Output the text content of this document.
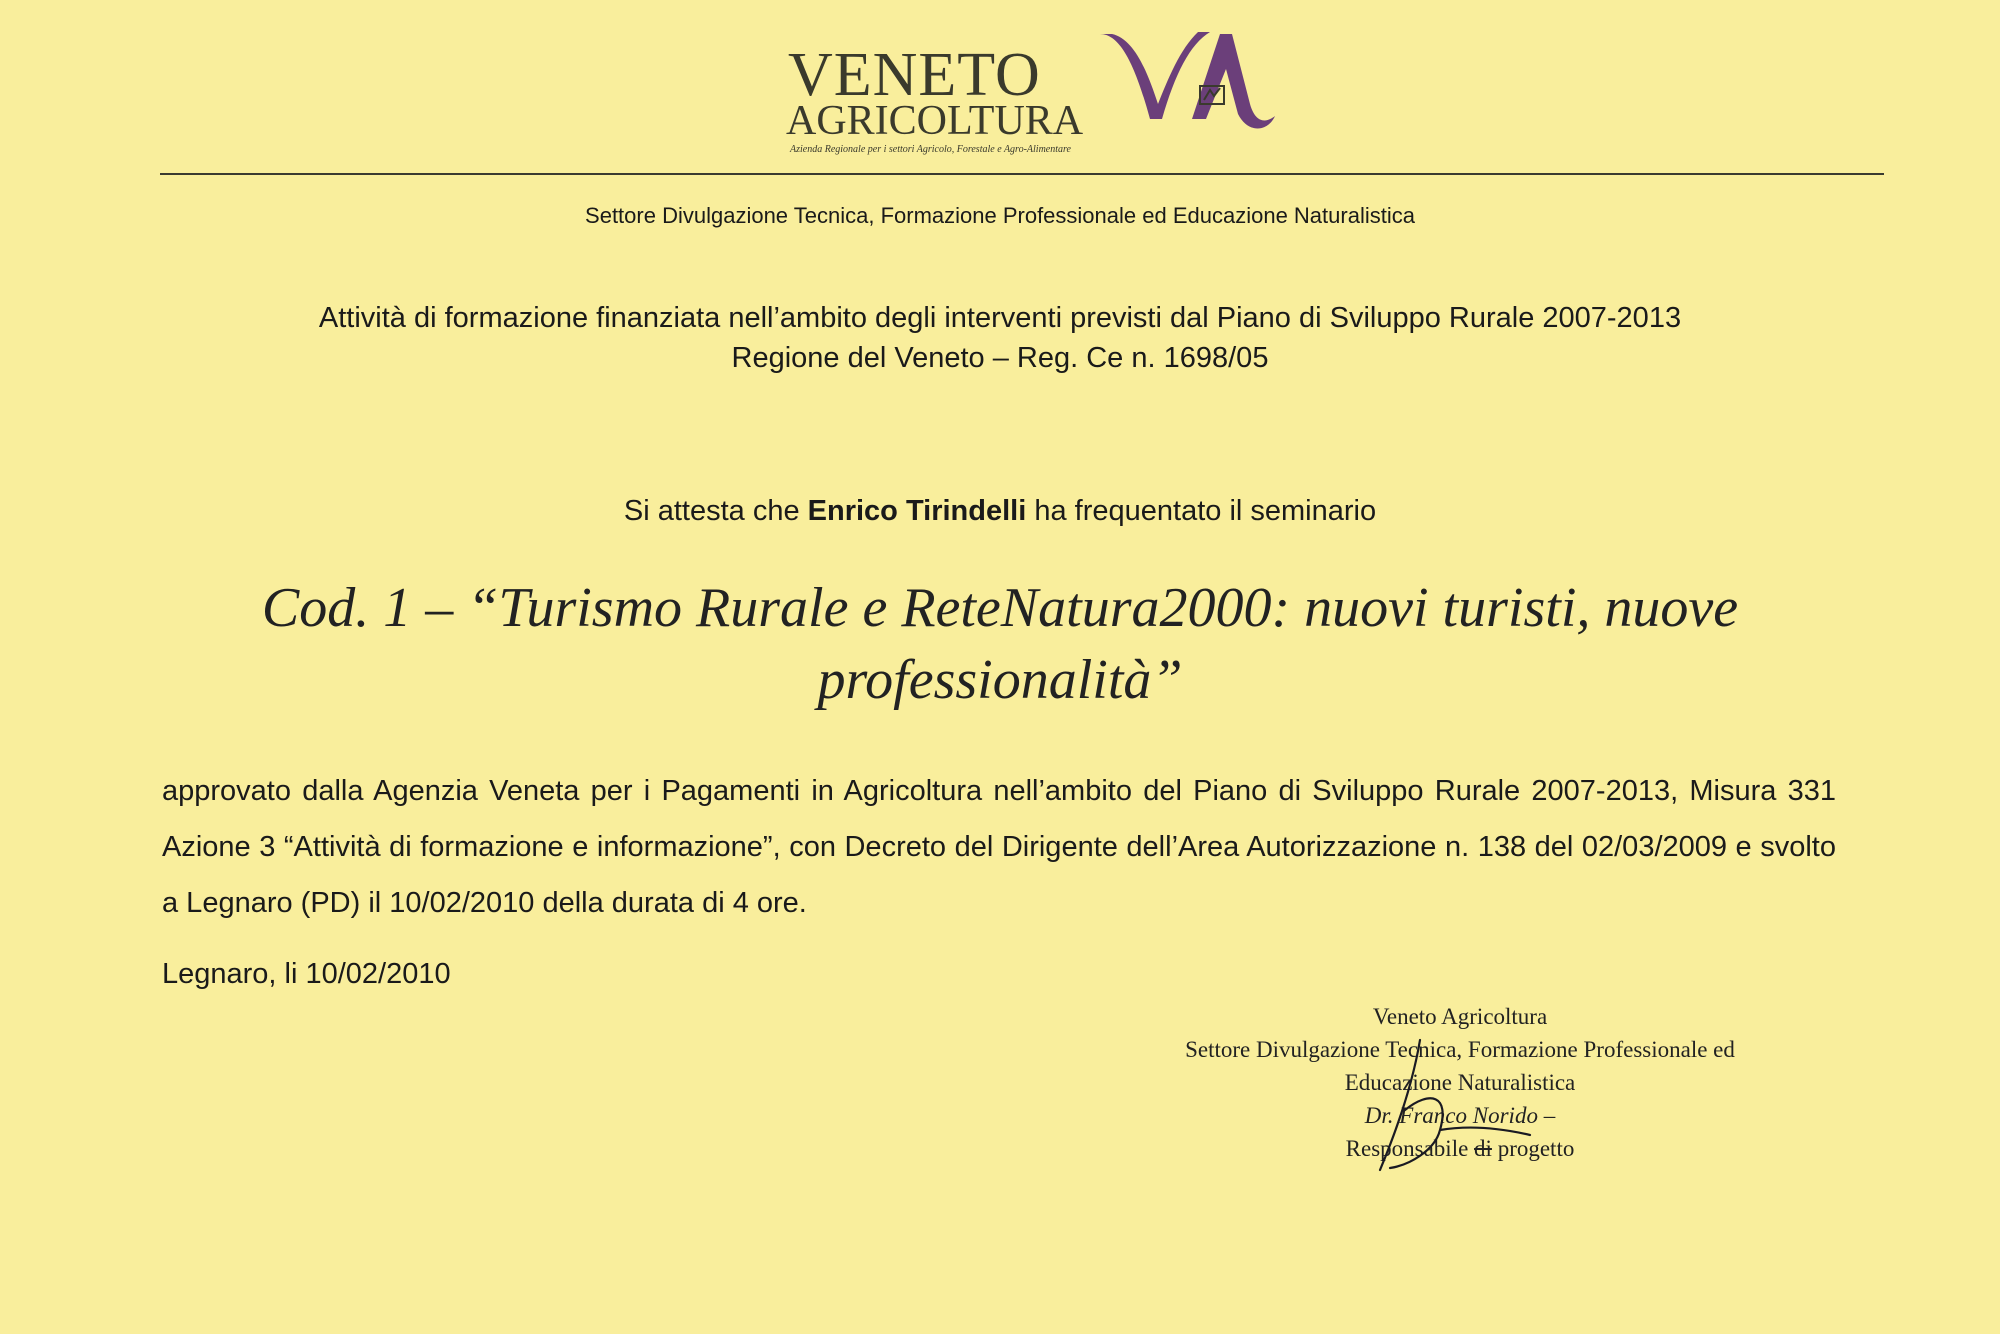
VENETO
AGRICOLTURA
Azienda Regionale per i settori Agricolo, Forestale e Agro-Alimentare
Settore Divulgazione Tecnica, Formazione Professionale ed Educazione Naturalistica
Attività di formazione finanziata nell’ambito degli interventi previsti dal Piano di Sviluppo Rurale 2007-2013
Regione del Veneto – Reg. Ce n. 1698/05
Si attesta che Enrico Tirindelli ha frequentato il seminario
Cod. 1 – “Turismo Rurale e ReteNatura2000: nuovi turisti, nuove
professionalità”
approvato dalla Agenzia Veneta per i Pagamenti in Agricoltura nell’ambito del Piano di Sviluppo Rurale 2007-2013, Misura 331 Azione 3 “Attività di formazione e informazione”, con Decreto del Dirigente dell’Area Autorizzazione n. 138 del 02/03/2009 e svolto a Legnaro (PD) il 10/02/2010 della durata di 4 ore.
Legnaro, li 10/02/2010
Veneto Agricoltura
Settore Divulgazione Tecnica, Formazione Professionale ed
Educazione Naturalistica
Dr. Franco Norido –
Responsabile di progetto
